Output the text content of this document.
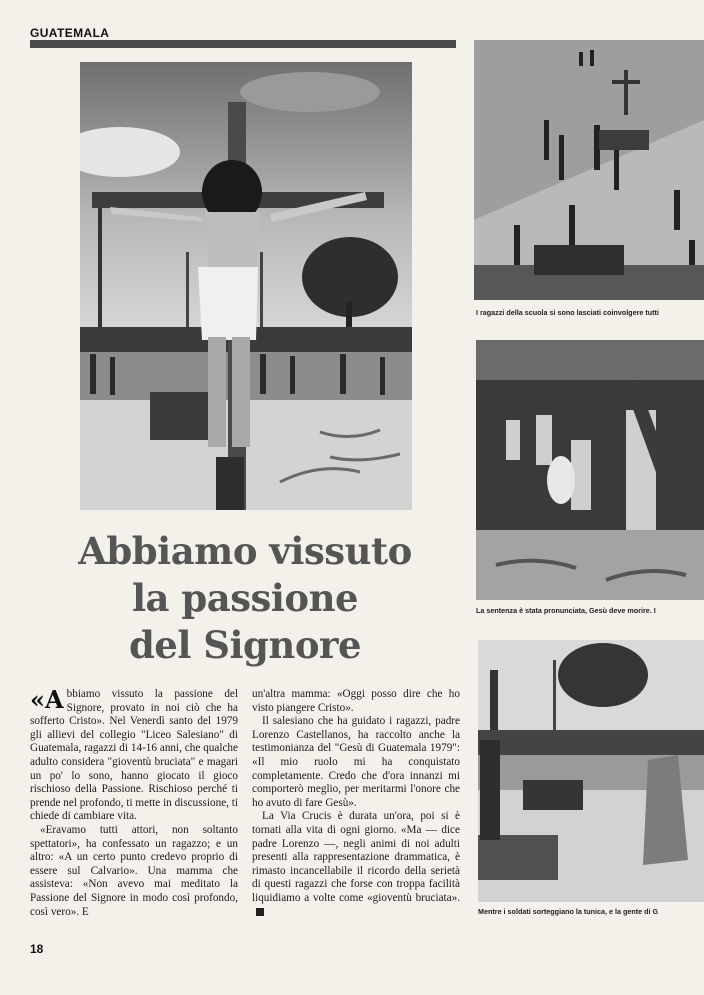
GUATEMALA
Abbiamo vissuto
la passione
del Signore

«Abbiamo vissuto la passione del Signore, provato in noi ciò che ha sofferto Cristo». Nel Venerdì santo del 1979 gli allievi del collegio "Liceo Salesiano" di Guatemala, ragazzi di 14-16 anni, che qualche adulto considera "gioventù bruciata" e magari un po' lo sono, hanno giocato il gioco rischioso della Passione. Rischioso perché ti prende nel profondo, ti mette in discussione, ti chiede di cambiare vita.

«Eravamo tutti attori, non soltanto spettatori», ha confessato un ragazzo; e un altro: «A un certo punto credevo proprio di essere sul Calvario». Una mamma che assisteva: «Non avevo mai meditato la Passione del Signore in modo così profondo, così vero». E

un'altra mamma: «Oggi posso dire che ho visto piangere Cristo».

Il salesiano che ha guidato i ragazzi, padre Lorenzo Castellanos, ha raccolto anche la testimonianza del "Gesù di Guatemala 1979": «Il mio ruolo mi ha conquistato completamente. Credo che d'ora innanzi mi comporterò meglio, per meritarmi l'onore che ho avuto di fare Gesù».

La Via Crucis è durata un'ora, poi si è tornati alla vita di ogni giorno. «Ma — dice padre Lorenzo —, negli animi di noi adulti presenti alla rappresentazione drammatica, è rimasto incancellabile il ricordo della serietà di questi ragazzi che forse con troppa facilità liquidiamo a volte come «gioventù bruciata».

I ragazzi della scuola si sono lasciati coinvolgere tutti
La sentenza è stata pronunciata, Gesù deve morire. I
Mentre i soldati sorteggiano la tunica, e la gente di G
18
